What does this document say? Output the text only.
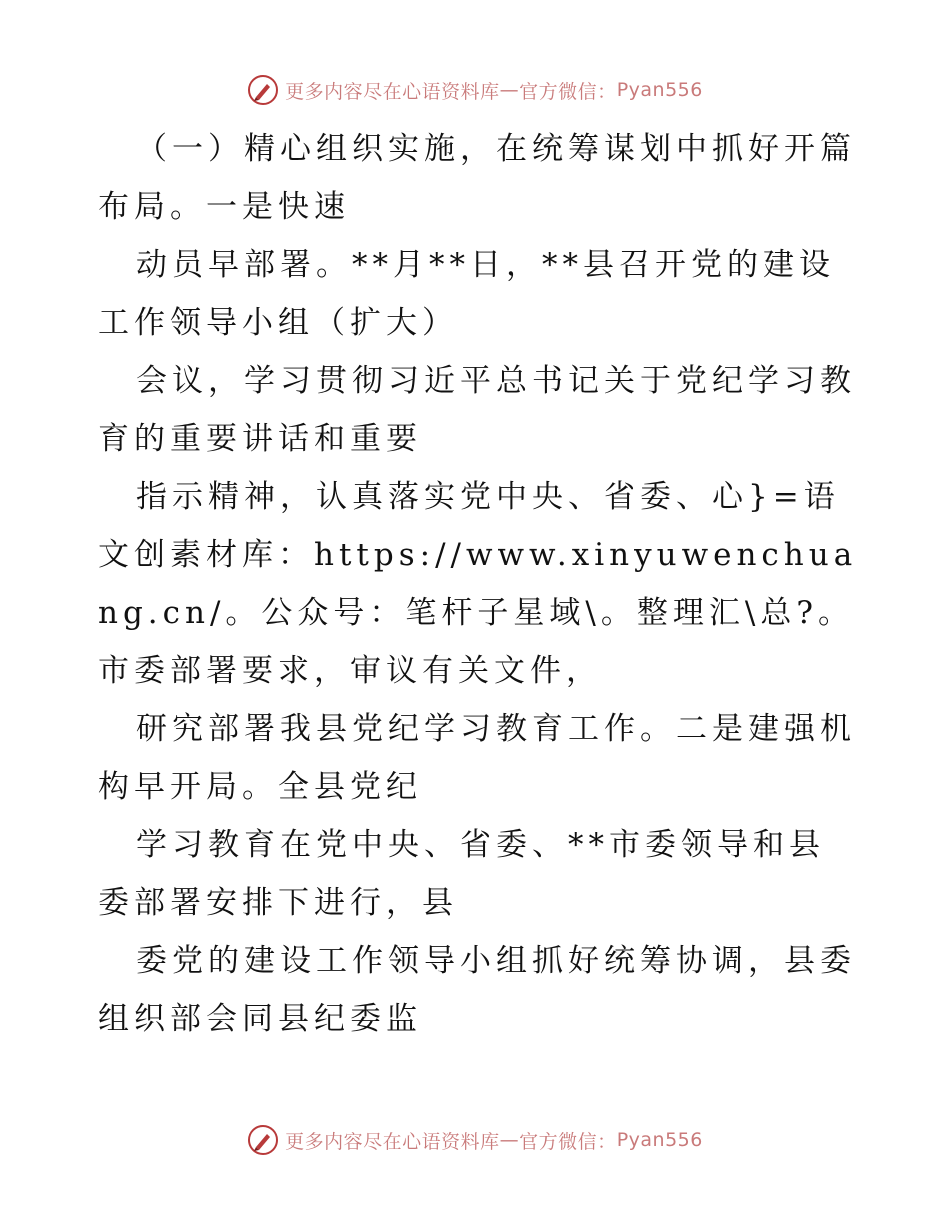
更多内容尽在心语资料库 — 官方微信： Pyan556

（一）精心组织实施，在统筹谋划中抓好开篇布局。一是快速

动员早部署。**月**日，**县召开党的建设工作领导小组（扩大）

会议，学习贯彻习近平总书记关于党纪学习教育的重要讲话和重要

指示精神，认真落实党中央、省委、心}=语文创素材库：https://www.xinyuwenchuang.cn/。公众号：笔杆子星域\。整理汇\总?。市委部署要求，审议有关文件，

研究部署我县党纪学习教育工作。二是建强机构早开局。全县党纪

学习教育在党中央、省委、**市委领导和县委部署安排下进行，县

委党的建设工作领导小组抓好统筹协调，县委组织部会同县纪委监

更多内容尽在心语资料库 — 官方微信： Pyan556
